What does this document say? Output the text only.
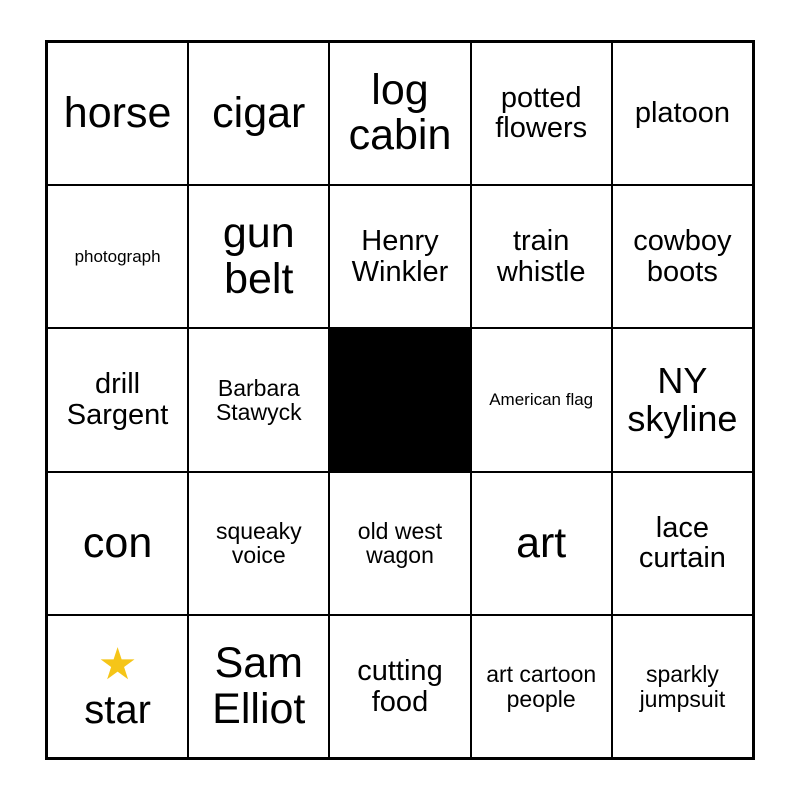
horse	cigar	log cabin	potted flowers	platoon
photograph	gun belt	Henry Winkler	train whistle	cowboy boots
drill Sargent	Barbara Stawyck	Free!	American flag	NY skyline
con	squeaky voice	old west wagon	art	lace curtain

★
star	Sam Elliot	cutting food	art cartoon people	sparkly jumpsuit
